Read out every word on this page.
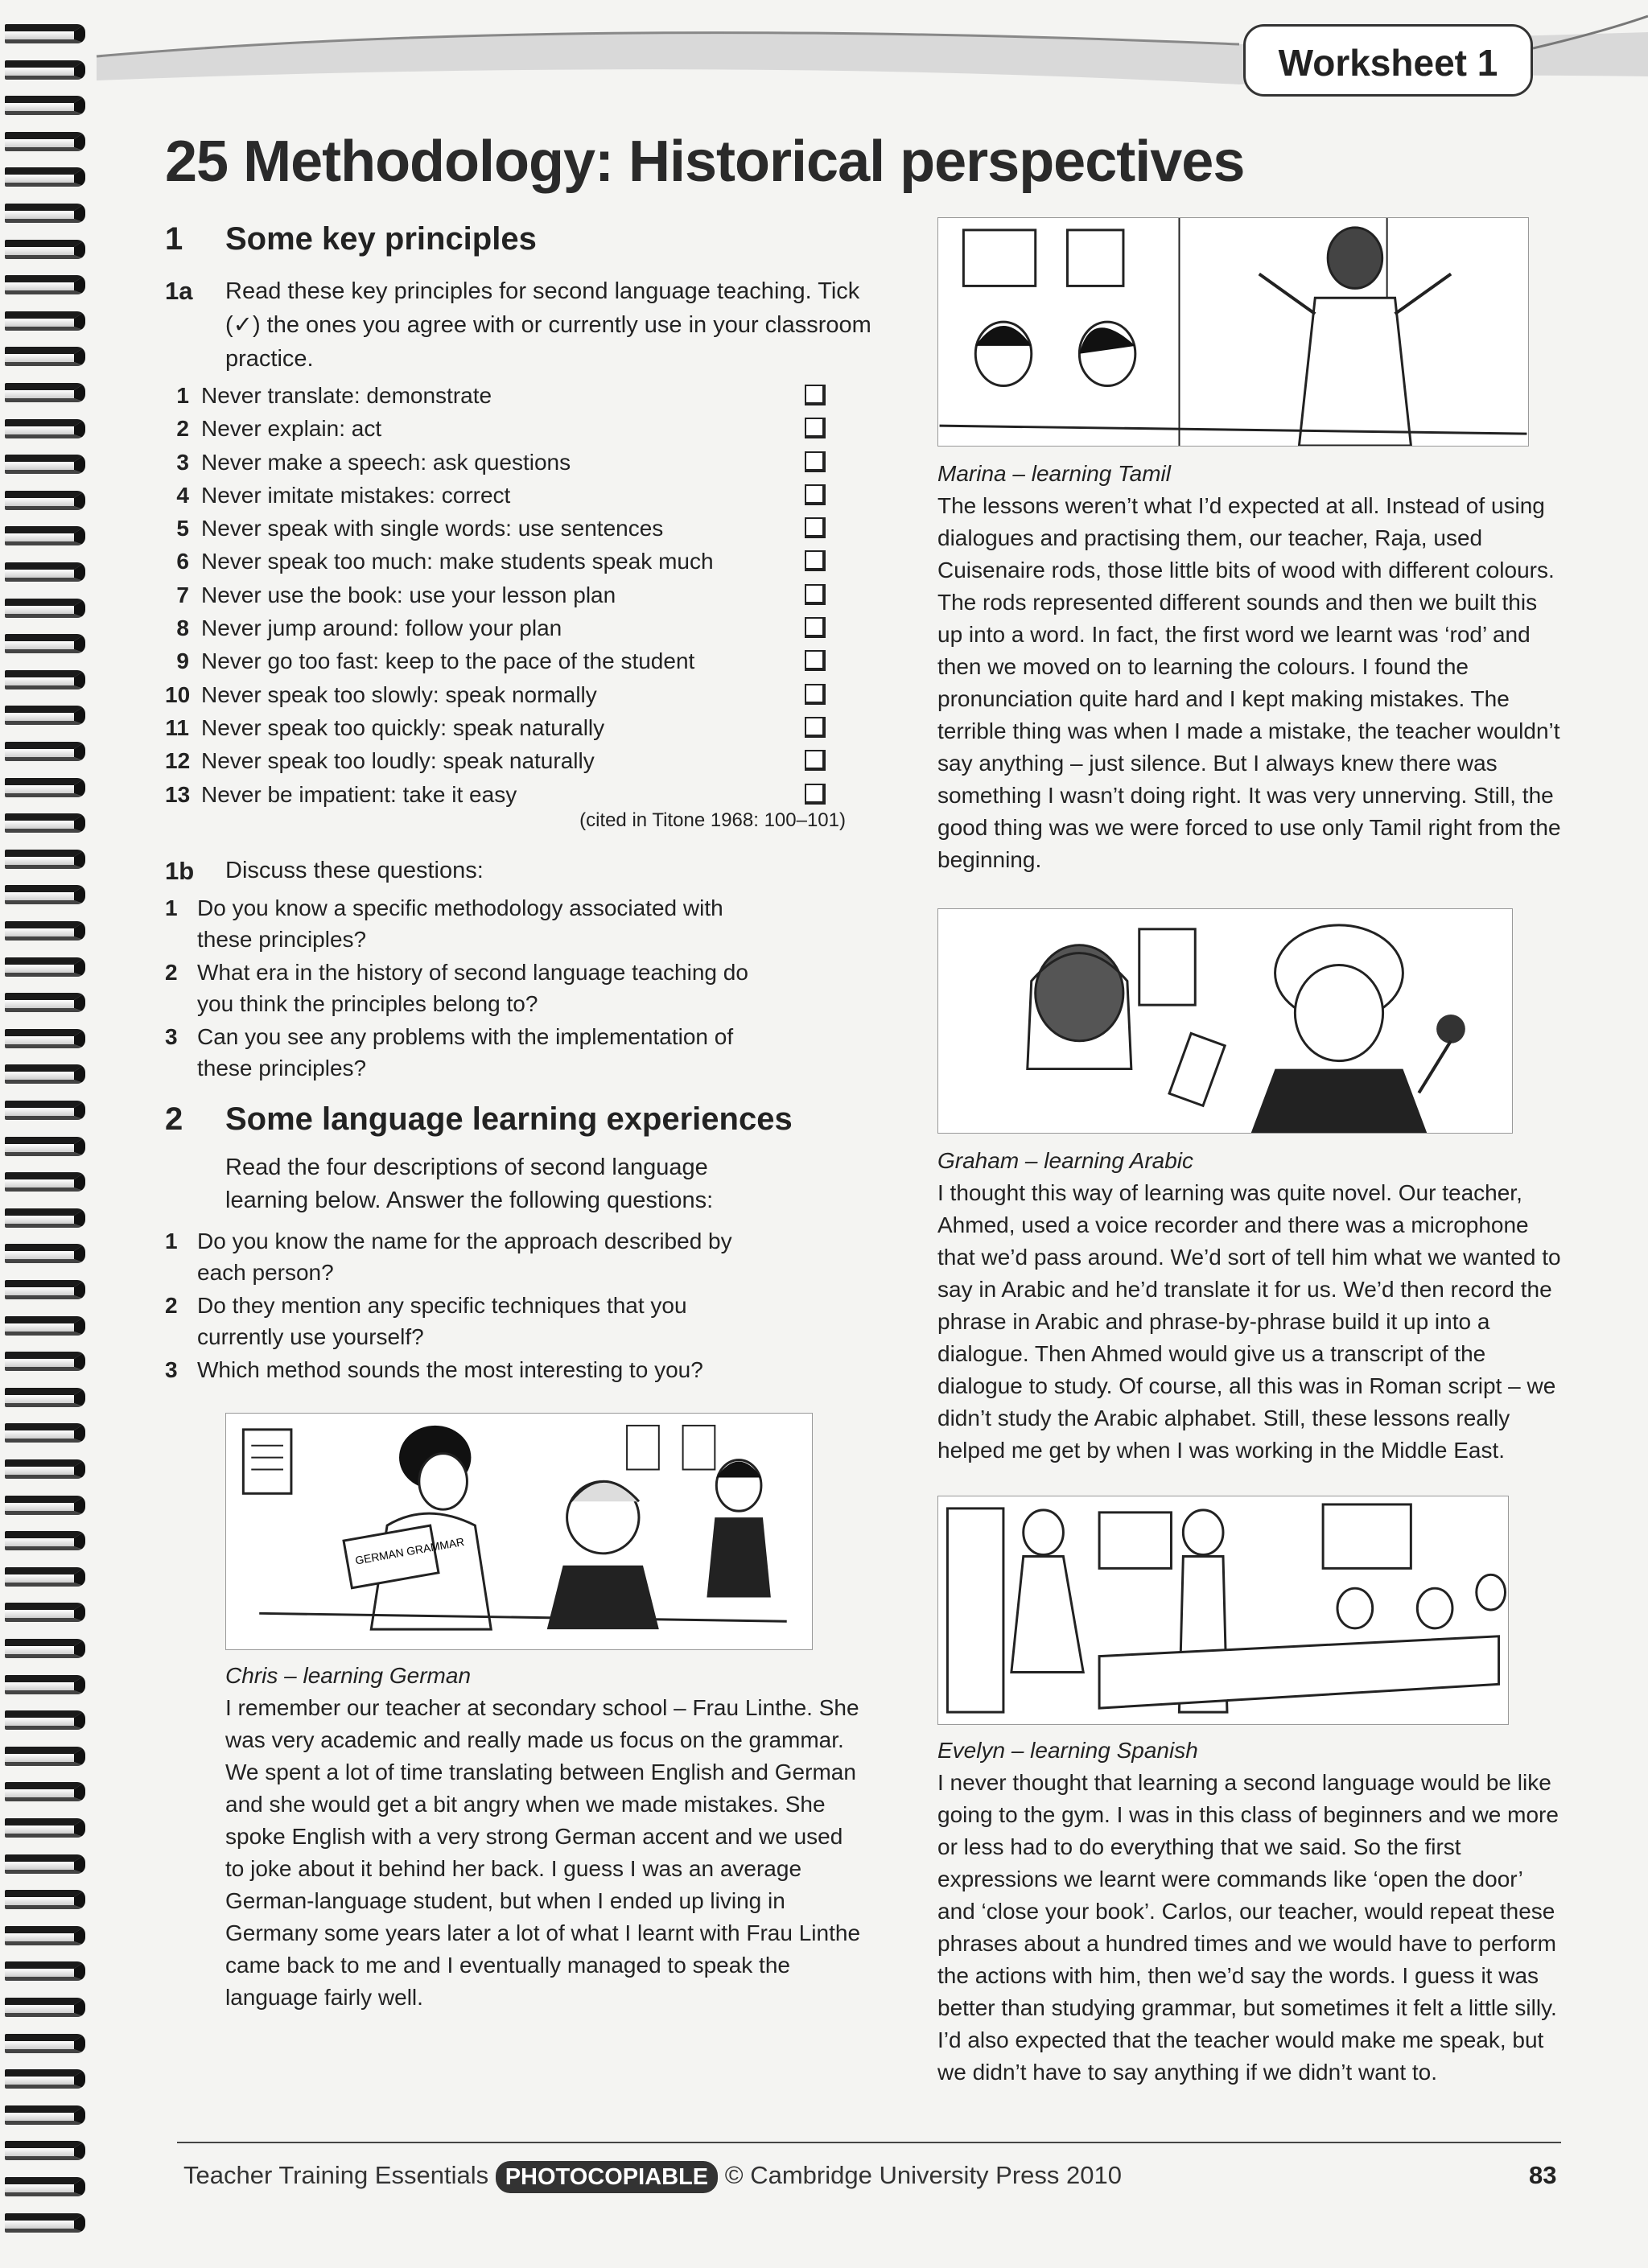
Worksheet 1
25 Methodology: Historical perspectives
1 Some key principles
1a Read these key principles for second language teaching. Tick (✓) the ones you agree with or currently use in your classroom practice.
1 Never translate: demonstrate
2 Never explain: act
3 Never make a speech: ask questions
4 Never imitate mistakes: correct
5 Never speak with single words: use sentences
6 Never speak too much: make students speak much
7 Never use the book: use your lesson plan
8 Never jump around: follow your plan
9 Never go too fast: keep to the pace of the student
10 Never speak too slowly: speak normally
11 Never speak too quickly: speak naturally
12 Never speak too loudly: speak naturally
13 Never be impatient: take it easy
(cited in Titone 1968: 100–101)
1b Discuss these questions:
1 Do you know a specific methodology associated with these principles?
2 What era in the history of second language teaching do you think the principles belong to?
3 Can you see any problems with the implementation of these principles?
2 Some language learning experiences
Read the four descriptions of second language learning below. Answer the following questions:
1 Do you know the name for the approach described by each person?
2 Do they mention any specific techniques that you currently use yourself?
3 Which method sounds the most interesting to you?
GERMAN GRAMMAR
Chris – learning German
I remember our teacher at secondary school – Frau Linthe. She was very academic and really made us focus on the grammar. We spent a lot of time translating between English and German and she would get a bit angry when we made mistakes. She spoke English with a very strong German accent and we used to joke about it behind her back. I guess I was an average German-language student, but when I ended up living in Germany some years later a lot of what I learnt with Frau Linthe came back to me and I eventually managed to speak the language fairly well.
Marina – learning Tamil
The lessons weren’t what I’d expected at all. Instead of using dialogues and practising them, our teacher, Raja, used Cuisenaire rods, those little bits of wood with different colours. The rods represented different sounds and then we built this up into a word. In fact, the first word we learnt was ‘rod’ and then we moved on to learning the colours. I found the pronunciation quite hard and I kept making mistakes. The terrible thing was when I made a mistake, the teacher wouldn’t say anything – just silence. But I always knew there was something I wasn’t doing right. It was very unnerving. Still, the good thing was we were forced to use only Tamil right from the beginning.
Graham – learning Arabic
I thought this way of learning was quite novel. Our teacher, Ahmed, used a voice recorder and there was a microphone that we’d pass around. We’d sort of tell him what we wanted to say in Arabic and he’d translate it for us. We’d then record the phrase in Arabic and phrase-by-phrase build it up into a dialogue. Then Ahmed would give us a transcript of the dialogue to study. Of course, all this was in Roman script – we didn’t study the Arabic alphabet. Still, these lessons really helped me get by when I was working in the Middle East.
Evelyn – learning Spanish
I never thought that learning a second language would be like going to the gym. I was in this class of beginners and we more or less had to do everything that we said. So the first expressions we learnt were commands like ‘open the door’ and ‘close your book’. Carlos, our teacher, would repeat these phrases about a hundred times and we would have to perform the actions with him, then we’d say the words. I guess it was better than studying grammar, but sometimes it felt a little silly. I’d also expected that the teacher would make me speak, but we didn’t have to say anything if we didn’t want to.
Teacher Training Essentials PHOTOCOPIABLE © Cambridge University Press 2010	83
